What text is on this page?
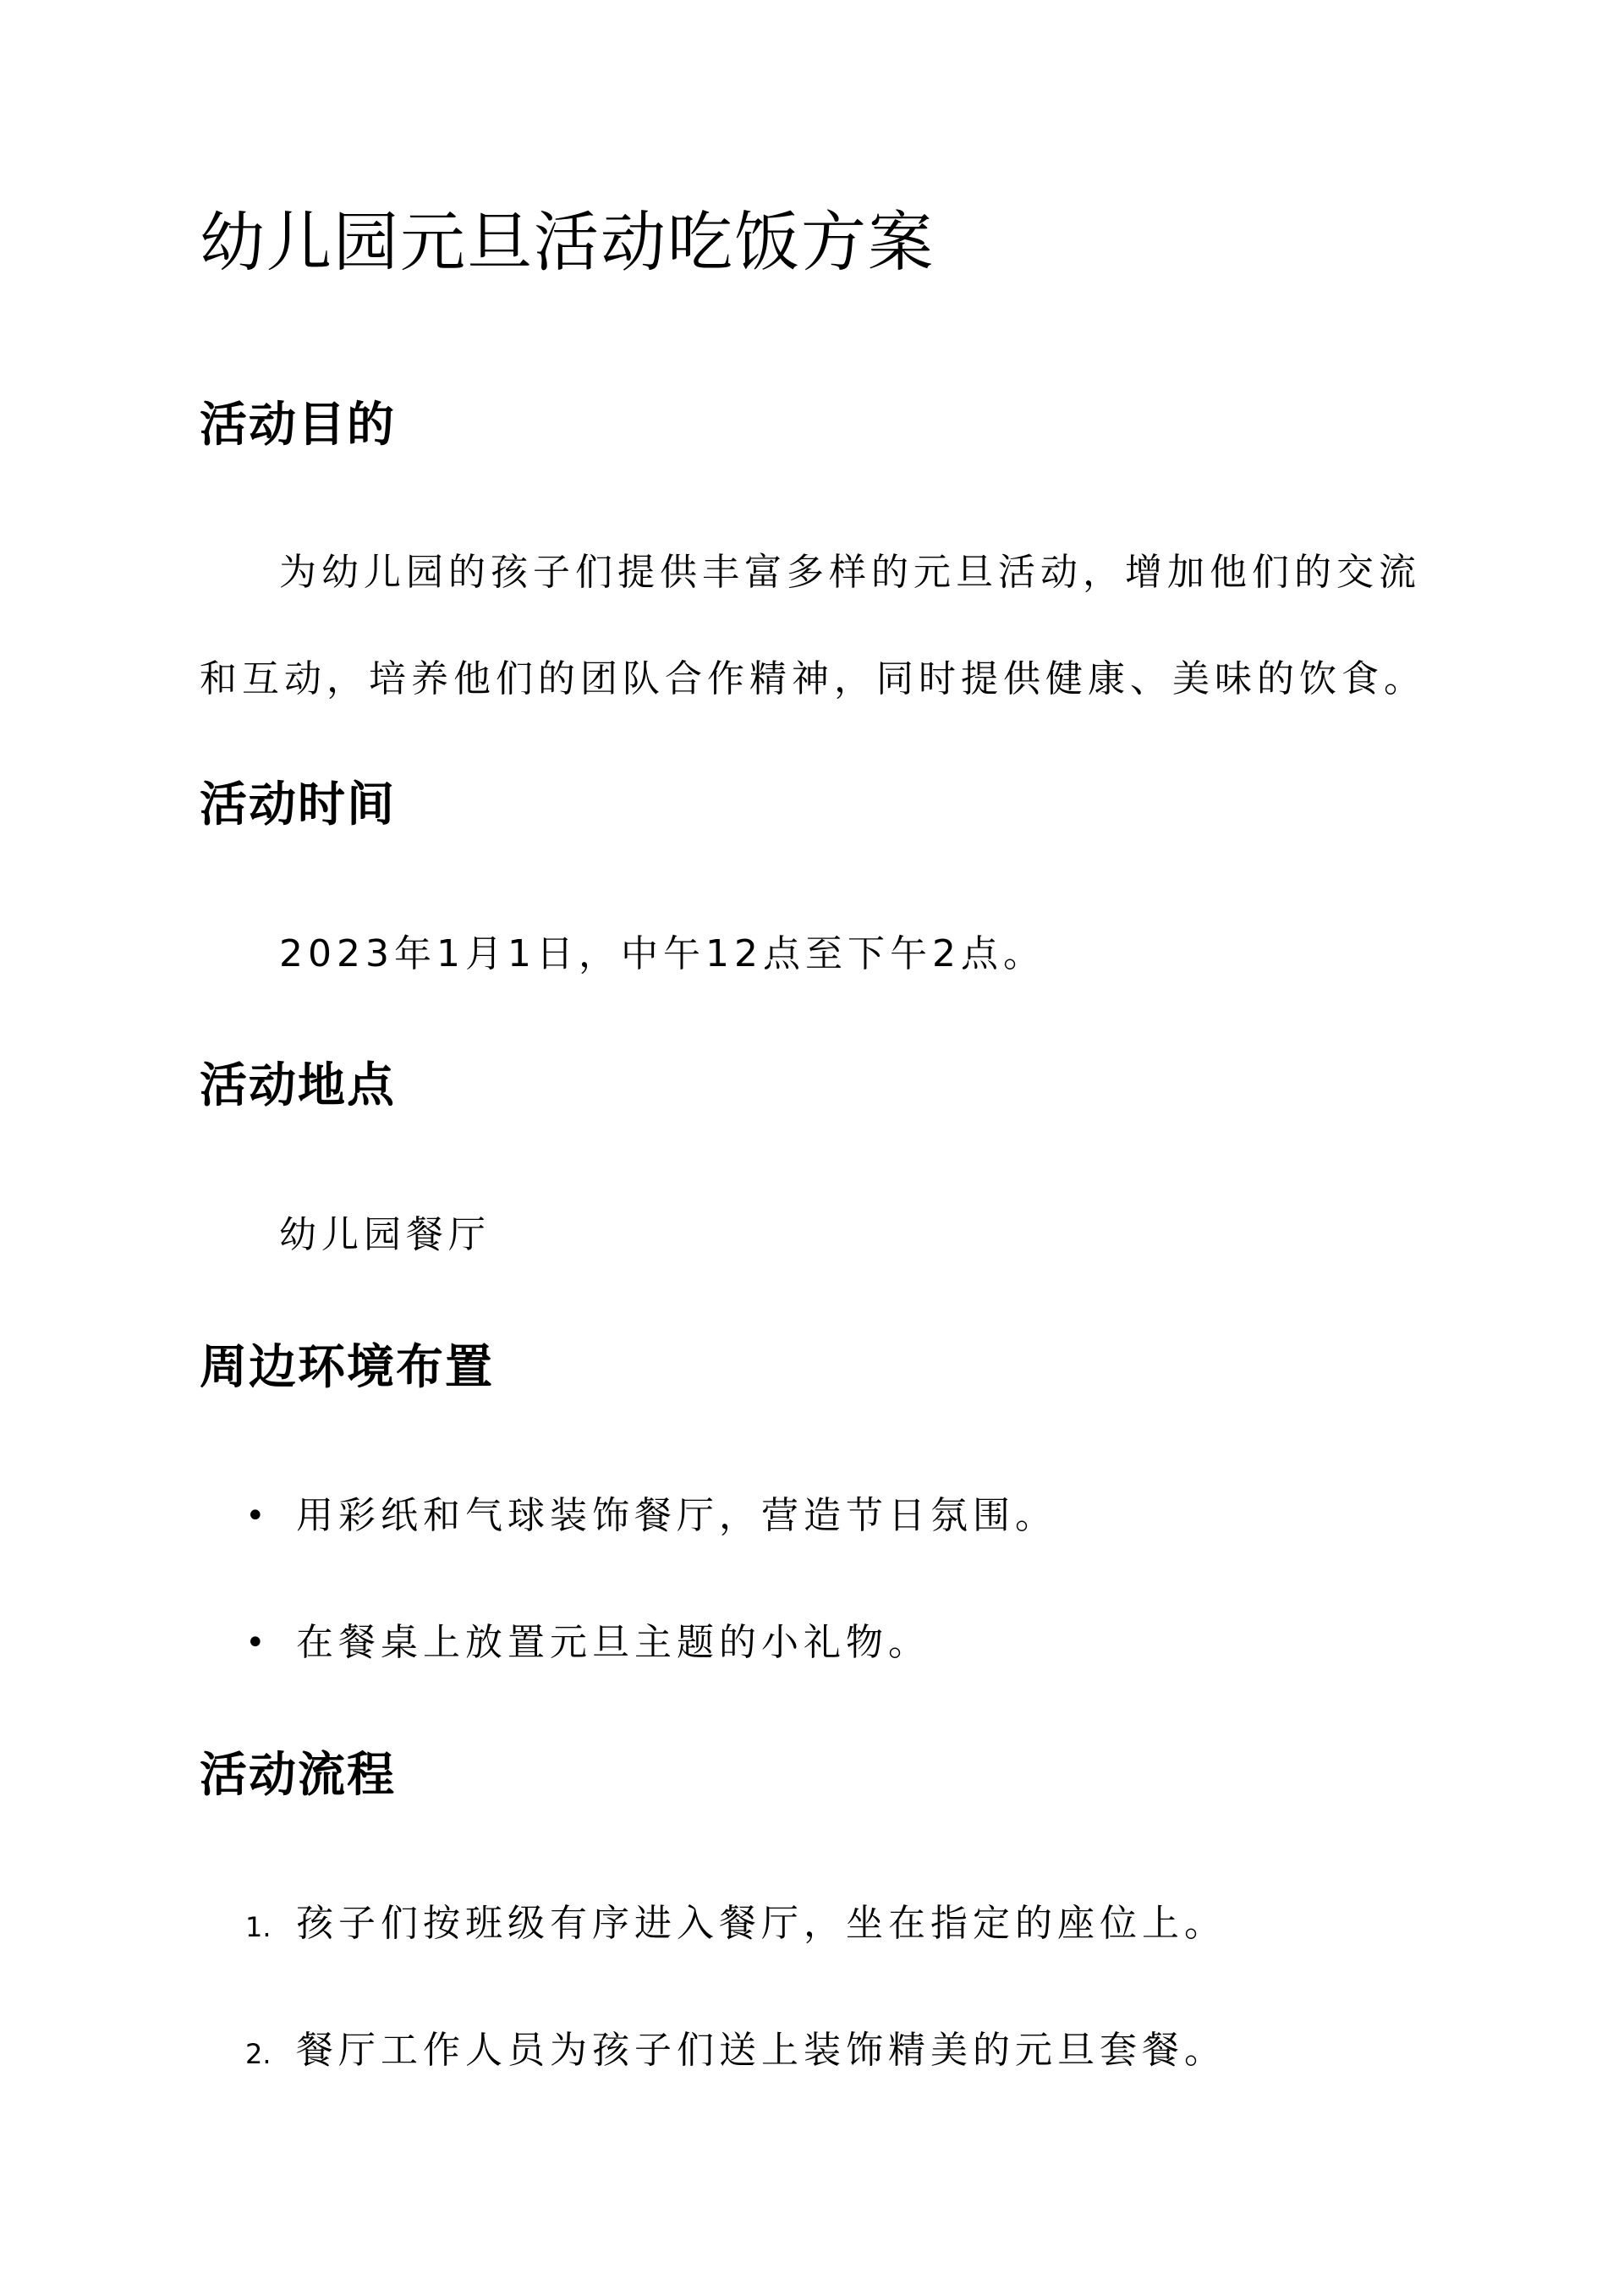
幼儿园元旦活动吃饭方案
活动目的

为幼儿园的孩子们提供丰富多样的元旦活动，增加他们的交流和互动，培养他们的团队合作精神，同时提供健康、美味的饮食。

活动时间

2023年1月1日，中午12点至下午2点。

活动地点

幼儿园餐厅

周边环境布置
• 用彩纸和气球装饰餐厅，营造节日氛围。
• 在餐桌上放置元旦主题的小礼物。
活动流程
1. 孩子们按班级有序进入餐厅，坐在指定的座位上。
2. 餐厅工作人员为孩子们送上装饰精美的元旦套餐。
